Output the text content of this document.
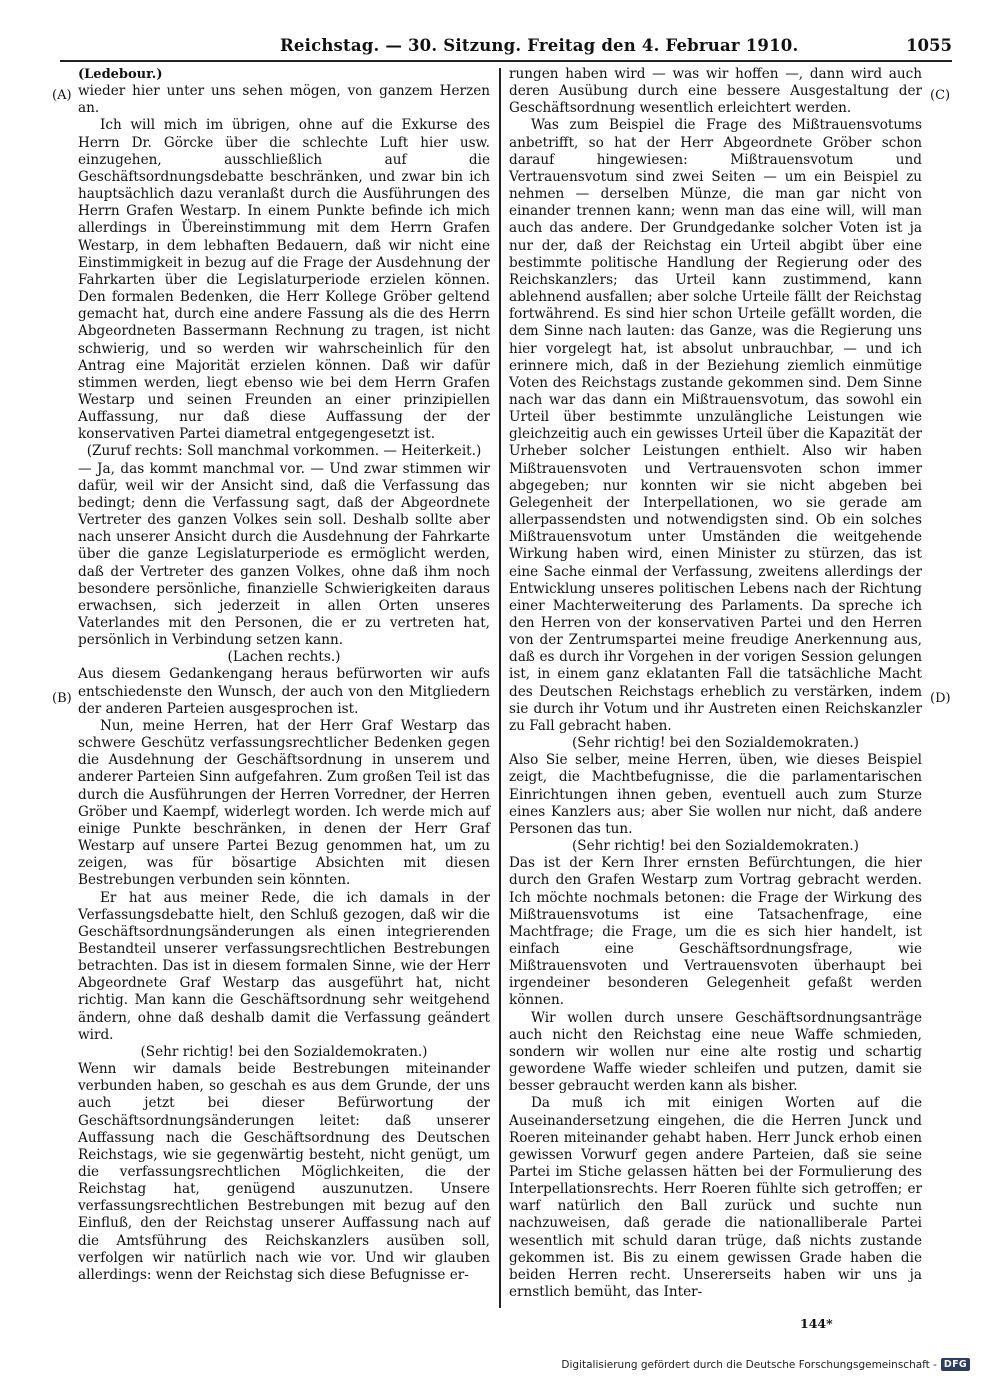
Reichstag. — 30. Sitzung. Freitag den 4. Februar 1910.	1055
(A)
(B)
(C)
(D)

(Ledebour.)

wieder hier unter uns sehen mögen, von ganzem Herzen an.

Ich will mich im übrigen, ohne auf die Exkurse des Herrn Dr. Görcke über die schlechte Luft hier usw. einzugehen, ausschließlich auf die Geschäftsordnungsdebatte beschränken, und zwar bin ich hauptsächlich dazu veranlaßt durch die Ausführungen des Herrn Grafen Westarp. In einem Punkte befinde ich mich allerdings in Übereinstimmung mit dem Herrn Grafen Westarp, in dem lebhaften Bedauern, daß wir nicht eine Einstimmigkeit in bezug auf die Frage der Ausdehnung der Fahrkarten über die Legislaturperiode erzielen können. Den formalen Bedenken, die Herr Kollege Gröber geltend gemacht hat, durch eine andere Fassung als die des Herrn Abgeordneten Bassermann Rechnung zu tragen, ist nicht schwierig, und so werden wir wahrscheinlich für den Antrag eine Majorität erzielen können. Daß wir dafür stimmen werden, liegt ebenso wie bei dem Herrn Grafen Westarp und seinen Freunden an einer prinzipiellen Auffassung, nur daß diese Auffassung der der konservativen Partei diametral entgegengesetzt ist.

(Zuruf rechts: Soll manchmal vorkommen. — Heiterkeit.)

— Ja, das kommt manchmal vor. — Und zwar stimmen wir dafür, weil wir der Ansicht sind, daß die Verfassung das bedingt; denn die Verfassung sagt, daß der Abgeordnete Vertreter des ganzen Volkes sein soll. Deshalb sollte aber nach unserer Ansicht durch die Ausdehnung der Fahrkarte über die ganze Legislaturperiode es ermöglicht werden, daß der Vertreter des ganzen Volkes, ohne daß ihm noch besondere persönliche, finanzielle Schwierigkeiten daraus erwachsen, sich jederzeit in allen Orten unseres Vaterlandes mit den Personen, die er zu vertreten hat, persönlich in Verbindung setzen kann.

(Lachen rechts.)

Aus diesem Gedankengang heraus befürworten wir aufs entschiedenste den Wunsch, der auch von den Mitgliedern der anderen Parteien ausgesprochen ist.

Nun, meine Herren, hat der Herr Graf Westarp das schwere Geschütz verfassungsrechtlicher Bedenken gegen die Ausdehnung der Geschäftsordnung in unserem und anderer Parteien Sinn aufgefahren. Zum großen Teil ist das durch die Ausführungen der Herren Vorredner, der Herren Gröber und Kaempf, widerlegt worden. Ich werde mich auf einige Punkte beschränken, in denen der Herr Graf Westarp auf unsere Partei Bezug genommen hat, um zu zeigen, was für bösartige Absichten mit diesen Bestrebungen verbunden sein könnten.

Er hat aus meiner Rede, die ich damals in der Verfassungsdebatte hielt, den Schluß gezogen, daß wir die Geschäftsordnungsänderungen als einen integrierenden Bestandteil unserer verfassungsrechtlichen Bestrebungen betrachten. Das ist in diesem formalen Sinne, wie der Herr Abgeordnete Graf Westarp das ausgeführt hat, nicht richtig. Man kann die Geschäftsordnung sehr weitgehend ändern, ohne daß deshalb damit die Verfassung geändert wird.

(Sehr richtig! bei den Sozialdemokraten.)

Wenn wir damals beide Bestrebungen miteinander verbunden haben, so geschah es aus dem Grunde, der uns auch jetzt bei dieser Befürwortung der Geschäftsordnungsänderungen leitet: daß unserer Auffassung nach die Geschäftsordnung des Deutschen Reichstags, wie sie gegenwärtig besteht, nicht genügt, um die verfassungsrechtlichen Möglichkeiten, die der Reichstag hat, genügend auszunutzen. Unsere verfassungsrechtlichen Bestrebungen mit bezug auf den Einfluß, den der Reichstag unserer Auffassung nach auf die Amtsführung des Reichskanzlers ausüben soll, verfolgen wir natürlich nach wie vor. Und wir glauben allerdings: wenn der Reichstag sich diese Befugnisse er-

rungen haben wird — was wir hoffen —, dann wird auch deren Ausübung durch eine bessere Ausgestaltung der Geschäftsordnung wesentlich erleichtert werden.

Was zum Beispiel die Frage des Mißtrauensvotums anbetrifft, so hat der Herr Abgeordnete Gröber schon darauf hingewiesen: Mißtrauensvotum und Vertrauensvotum sind zwei Seiten — um ein Beispiel zu nehmen — derselben Münze, die man gar nicht von einander trennen kann; wenn man das eine will, will man auch das andere. Der Grundgedanke solcher Voten ist ja nur der, daß der Reichstag ein Urteil abgibt über eine bestimmte politische Handlung der Regierung oder des Reichskanzlers; das Urteil kann zustimmend, kann ablehnend ausfallen; aber solche Urteile fällt der Reichstag fortwährend. Es sind hier schon Urteile gefällt worden, die dem Sinne nach lauten: das Ganze, was die Regierung uns hier vorgelegt hat, ist absolut unbrauchbar, — und ich erinnere mich, daß in der Beziehung ziemlich einmütige Voten des Reichstags zustande gekommen sind. Dem Sinne nach war das dann ein Mißtrauensvotum, das sowohl ein Urteil über bestimmte unzulängliche Leistungen wie gleichzeitig auch ein gewisses Urteil über die Kapazität der Urheber solcher Leistungen enthielt. Also wir haben Mißtrauensvoten und Vertrauensvoten schon immer abgegeben; nur konnten wir sie nicht abgeben bei Gelegenheit der Interpellationen, wo sie gerade am allerpassendsten und notwendigsten sind. Ob ein solches Mißtrauensvotum unter Umständen die weitgehende Wirkung haben wird, einen Minister zu stürzen, das ist eine Sache einmal der Verfassung, zweitens allerdings der Entwicklung unseres politischen Lebens nach der Richtung einer Machterweiterung des Parlaments. Da spreche ich den Herren von der konservativen Partei und den Herren von der Zentrumspartei meine freudige Anerkennung aus, daß es durch ihr Vorgehen in der vorigen Session gelungen ist, in einem ganz eklatanten Fall die tatsächliche Macht des Deutschen Reichstags erheblich zu verstärken, indem sie durch ihr Votum und ihr Austreten einen Reichskanzler zu Fall gebracht haben.

(Sehr richtig! bei den Sozialdemokraten.)

Also Sie selber, meine Herren, üben, wie dieses Beispiel zeigt, die Machtbefugnisse, die die parlamentarischen Einrichtungen ihnen geben, eventuell auch zum Sturze eines Kanzlers aus; aber Sie wollen nur nicht, daß andere Personen das tun.

(Sehr richtig! bei den Sozialdemokraten.)

Das ist der Kern Ihrer ernsten Befürchtungen, die hier durch den Grafen Westarp zum Vortrag gebracht werden. Ich möchte nochmals betonen: die Frage der Wirkung des Mißtrauensvotums ist eine Tatsachenfrage, eine Machtfrage; die Frage, um die es sich hier handelt, ist einfach eine Geschäftsordnungsfrage, wie Mißtrauensvoten und Vertrauensvoten überhaupt bei irgendeiner besonderen Gelegenheit gefaßt werden können.

Wir wollen durch unsere Geschäftsordnungsanträge auch nicht den Reichstag eine neue Waffe schmieden, sondern wir wollen nur eine alte rostig und schartig gewordene Waffe wieder schleifen und putzen, damit sie besser gebraucht werden kann als bisher.

Da muß ich mit einigen Worten auf die Auseinandersetzung eingehen, die die Herren Junck und Roeren miteinander gehabt haben. Herr Junck erhob einen gewissen Vorwurf gegen andere Parteien, daß sie seine Partei im Stiche gelassen hätten bei der Formulierung des Interpellationsrechts. Herr Roeren fühlte sich getroffen; er warf natürlich den Ball zurück und suchte nun nachzuweisen, daß gerade die nationalliberale Partei wesentlich mit schuld daran trüge, daß nichts zustande gekommen ist. Bis zu einem gewissen Grade haben die beiden Herren recht. Unsererseits haben wir uns ja ernstlich bemüht, das Inter-

144*
Digitalisierung gefördert durch die Deutsche Forschungsgemeinschaft - DFG
